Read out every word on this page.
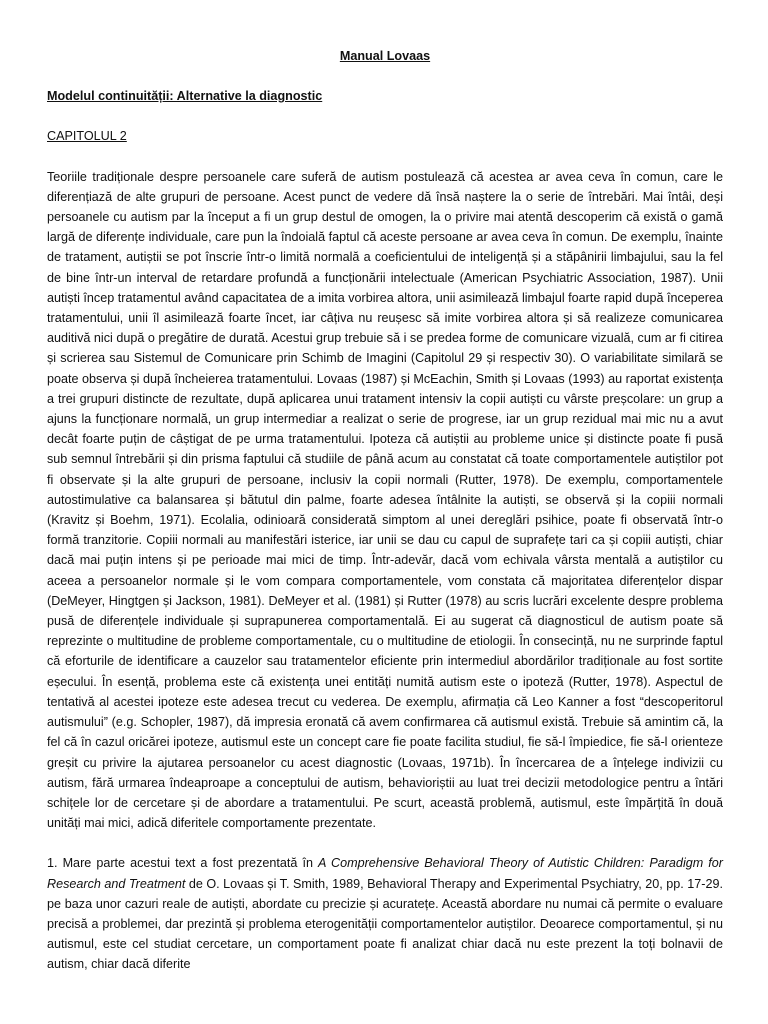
Manual Lovaas
Modelul continuității: Alternative la diagnostic
CAPITOLUL 2

Teoriile tradiționale despre persoanele care suferă de autism postulează că acestea ar avea ceva în comun, care le diferențiază de alte grupuri de persoane. Acest punct de vedere dă însă naștere la o serie de întrebări. Mai întâi, deși persoanele cu autism par la început a fi un grup destul de omogen, la o privire mai atentă descoperim că există o gamă largă de diferențe individuale, care pun la îndoială faptul că aceste persoane ar avea ceva în comun. De exemplu, înainte de tratament, autiștii se pot înscrie într-o limită normală a coeficientului de inteligență și a stăpânirii limbajului, sau la fel de bine într-un interval de retardare profundă a funcționării intelectuale (American Psychiatric Association, 1987). Unii autiști încep tratamentul având capacitatea de a imita vorbirea altora, unii asimilează limbajul foarte rapid după începerea tratamentului, unii îl asimilează foarte încet, iar câțiva nu reușesc să imite vorbirea altora și să realizeze comunicarea auditivă nici după o pregătire de durată. Acestui grup trebuie să i se predea forme de comunicare vizuală, cum ar fi citirea și scrierea sau Sistemul de Comunicare prin Schimb de Imagini (Capitolul 29 și respectiv 30). O variabilitate similară se poate observa și după încheierea tratamentului. Lovaas (1987) și McEachin, Smith și Lovaas (1993) au raportat existența a trei grupuri distincte de rezultate, după aplicarea unui tratament intensiv la copii autiști cu vârste preșcolare: un grup a ajuns la funcționare normală, un grup intermediar a realizat o serie de progrese, iar un grup rezidual mai mic nu a avut decât foarte puțin de câștigat de pe urma tratamentului. Ipoteza că autiștii au probleme unice și distincte poate fi pusă sub semnul întrebării și din prisma faptului că studiile de până acum au constatat că toate comportamentele autiștilor pot fi observate și la alte grupuri de persoane, inclusiv la copii normali (Rutter, 1978). De exemplu, comportamentele autostimulative ca balansarea și bătutul din palme, foarte adesea întâlnite la autiști, se observă și la copiii normali (Kravitz și Boehm, 1971). Ecolalia, odinioară considerată simptom al unei dereglări psihice, poate fi observată într-o formă tranzitorie. Copiii normali au manifestări isterice, iar unii se dau cu capul de suprafețe tari ca și copiii autiști, chiar dacă mai puțin intens și pe perioade mai mici de timp. Într-adevăr, dacă vom echivala vârsta mentală a autiștilor cu aceea a persoanelor normale și le vom compara comportamentele, vom constata că majoritatea diferențelor dispar (DeMeyer, Hingtgen și Jackson, 1981). DeMeyer et al. (1981) și Rutter (1978) au scris lucrări excelente despre problema pusă de diferențele individuale și suprapunerea comportamentală. Ei au sugerat că diagnosticul de autism poate să reprezinte o multitudine de probleme comportamentale, cu o multitudine de etiologii. În consecință, nu ne surprinde faptul că eforturile de identificare a cauzelor sau tratamentelor eficiente prin intermediul abordărilor tradiționale au fost sortite eșecului. În esență, problema este că existența unei entități numită autism este o ipoteză (Rutter, 1978). Aspectul de tentativă al acestei ipoteze este adesea trecut cu vederea. De exemplu, afirmația că Leo Kanner a fost “descoperitorul autismului” (e.g. Schopler, 1987), dă impresia eronată că avem confirmarea că autismul există. Trebuie să amintim că, la fel că în cazul oricărei ipoteze, autismul este un concept care fie poate facilita studiul, fie să-l împiedice, fie să-l orienteze greșit cu privire la ajutarea persoanelor cu acest diagnostic (Lovaas, 1971b). În încercarea de a înțelege indivizii cu autism, fără urmarea îndeaproape a conceptului de autism, behavioriștii au luat trei decizii metodologice pentru a întări schițele lor de cercetare și de abordare a tratamentului. Pe scurt, această problemă, autismul, este împărțită în două unități mai mici, adică diferitele comportamente prezentate.

1. Mare parte acestui text a fost prezentată în A Comprehensive Behavioral Theory of Autistic Children: Paradigm for Research and Treatment de O. Lovaas și T. Smith, 1989, Behavioral Therapy and Experimental Psychiatry, 20, pp. 17-29. pe baza unor cazuri reale de autiști, abordate cu precizie și acuratețe. Această abordare nu numai că permite o evaluare precisă a problemei, dar prezintă și problema eterogenității comportamentelor autiștilor. Deoarece comportamentul, și nu autismul, este cel studiat cercetare, un comportament poate fi analizat chiar dacă nu este prezent la toți bolnavii de autism, chiar dacă diferite
